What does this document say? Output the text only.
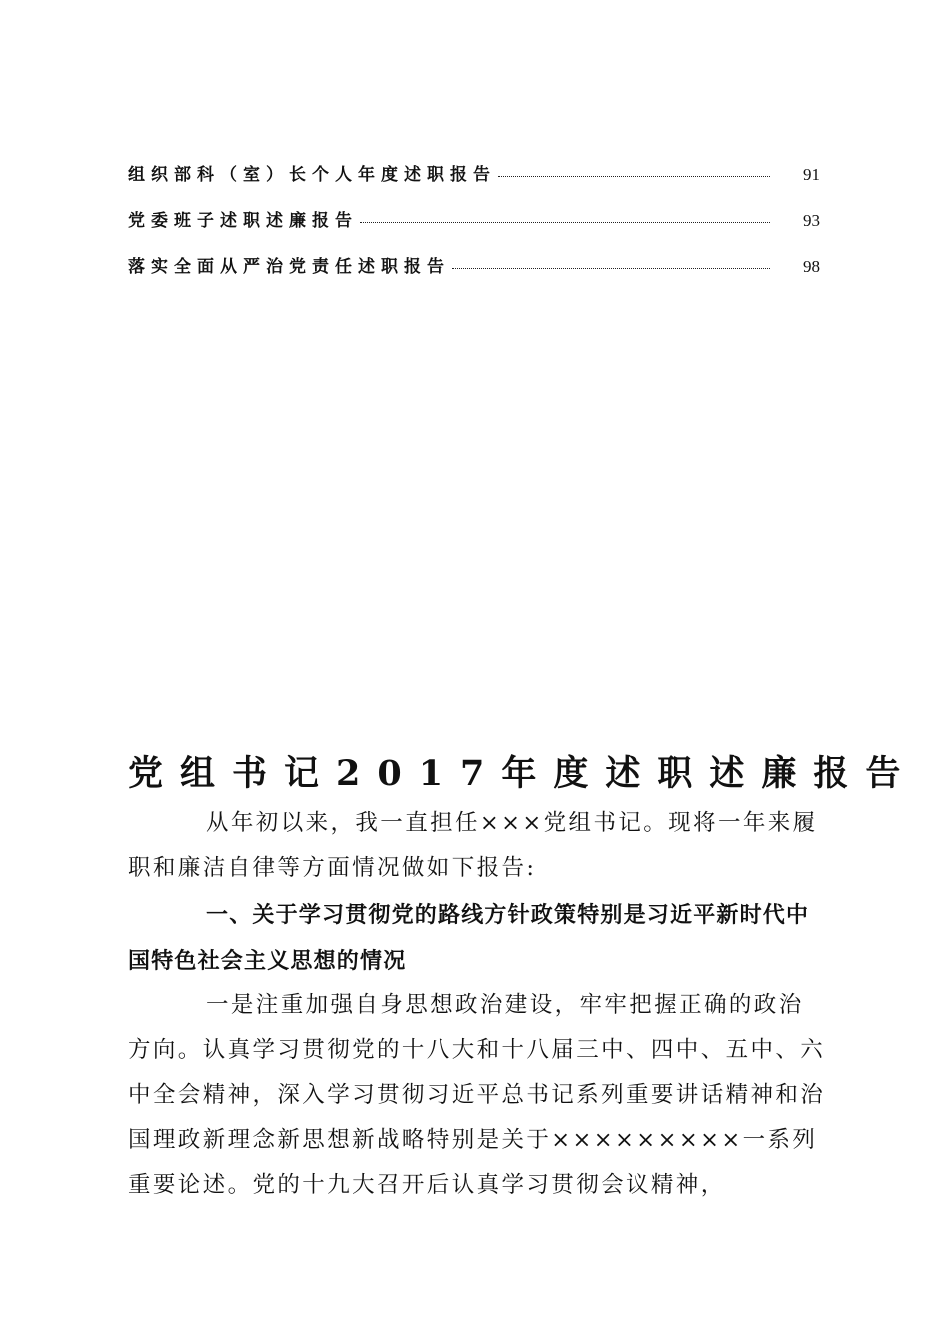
组织部科（室）长个人年度述职报告	91
党委班子述职述廉报告	93
落实全面从严治党责任述职报告	98
党组书记2017年度述职述廉报告

从年初以来，我一直担任×××党组书记。现将一年来履职和廉洁自律等方面情况做如下报告:

一、关于学习贯彻党的路线方针政策特别是习近平新时代中国特色社会主义思想的情况

一是注重加强自身思想政治建设，牢牢把握正确的政治方向。认真学习贯彻党的十八大和十八届三中、四中、五中、六中全会精神，深入学习贯彻习近平总书记系列重要讲话精神和治国理政新理念新思想新战略特别是关于×××××××××一系列重要论述。党的十九大召开后认真学习贯彻会议精神，
